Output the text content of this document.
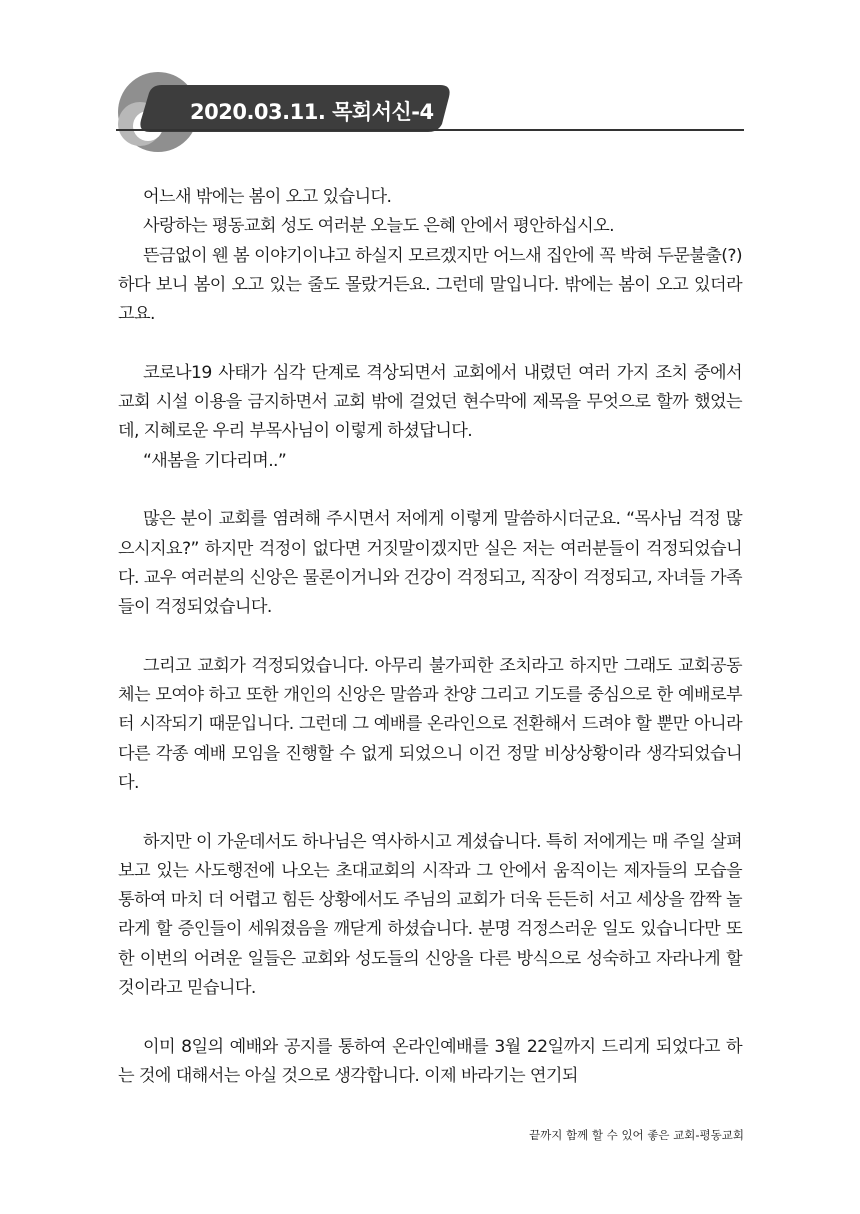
2020.03.11. 목회서신-4

어느새 밖에는 봄이 오고 있습니다.

사랑하는 평동교회 성도 여러분 오늘도 은혜 안에서 평안하십시오.

뜬금없이 웬 봄 이야기이냐고 하실지 모르겠지만 어느새 집안에 꼭 박혀 두문불출(?) 하다 보니 봄이 오고 있는 줄도 몰랐거든요. 그런데 말입니다. 밖에는 봄이 오고 있더라고요.

코로나19 사태가 심각 단계로 격상되면서 교회에서 내렸던 여러 가지 조치 중에서 교회 시설 이용을 금지하면서 교회 밖에 걸었던 현수막에 제목을 무엇으로 할까 했었는데, 지혜로운 우리 부목사님이 이렇게 하셨답니다.

“새봄을 기다리며..”

많은 분이 교회를 염려해 주시면서 저에게 이렇게 말씀하시더군요. “목사님 걱정 많으시지요?” 하지만 걱정이 없다면 거짓말이겠지만 실은 저는 여러분들이 걱정되었습니다. 교우 여러분의 신앙은 물론이거니와 건강이 걱정되고, 직장이 걱정되고, 자녀들 가족들이 걱정되었습니다.

그리고 교회가 걱정되었습니다. 아무리 불가피한 조치라고 하지만 그래도 교회공동체는 모여야 하고 또한 개인의 신앙은 말씀과 찬양 그리고 기도를 중심으로 한 예배로부터 시작되기 때문입니다. 그런데 그 예배를 온라인으로 전환해서 드려야 할 뿐만 아니라 다른 각종 예배 모임을 진행할 수 없게 되었으니 이건 정말 비상상황이라 생각되었습니다.

하지만 이 가운데서도 하나님은 역사하시고 계셨습니다. 특히 저에게는 매 주일 살펴보고 있는 사도행전에 나오는 초대교회의 시작과 그 안에서 움직이는 제자들의 모습을 통하여 마치 더 어렵고 힘든 상황에서도 주님의 교회가 더욱 든든히 서고 세상을 깜짝 놀라게 할 증인들이 세워졌음을 깨닫게 하셨습니다. 분명 걱정스러운 일도 있습니다만 또한 이번의 어려운 일들은 교회와 성도들의 신앙을 다른 방식으로 성숙하고 자라나게 할 것이라고 믿습니다.

이미 8일의 예배와 공지를 통하여 온라인예배를 3월 22일까지 드리게 되었다고 하는 것에 대해서는 아실 것으로 생각합니다. 이제 바라기는 연기되

끝까지 함께 할 수 있어 좋은 교회-평동교회
